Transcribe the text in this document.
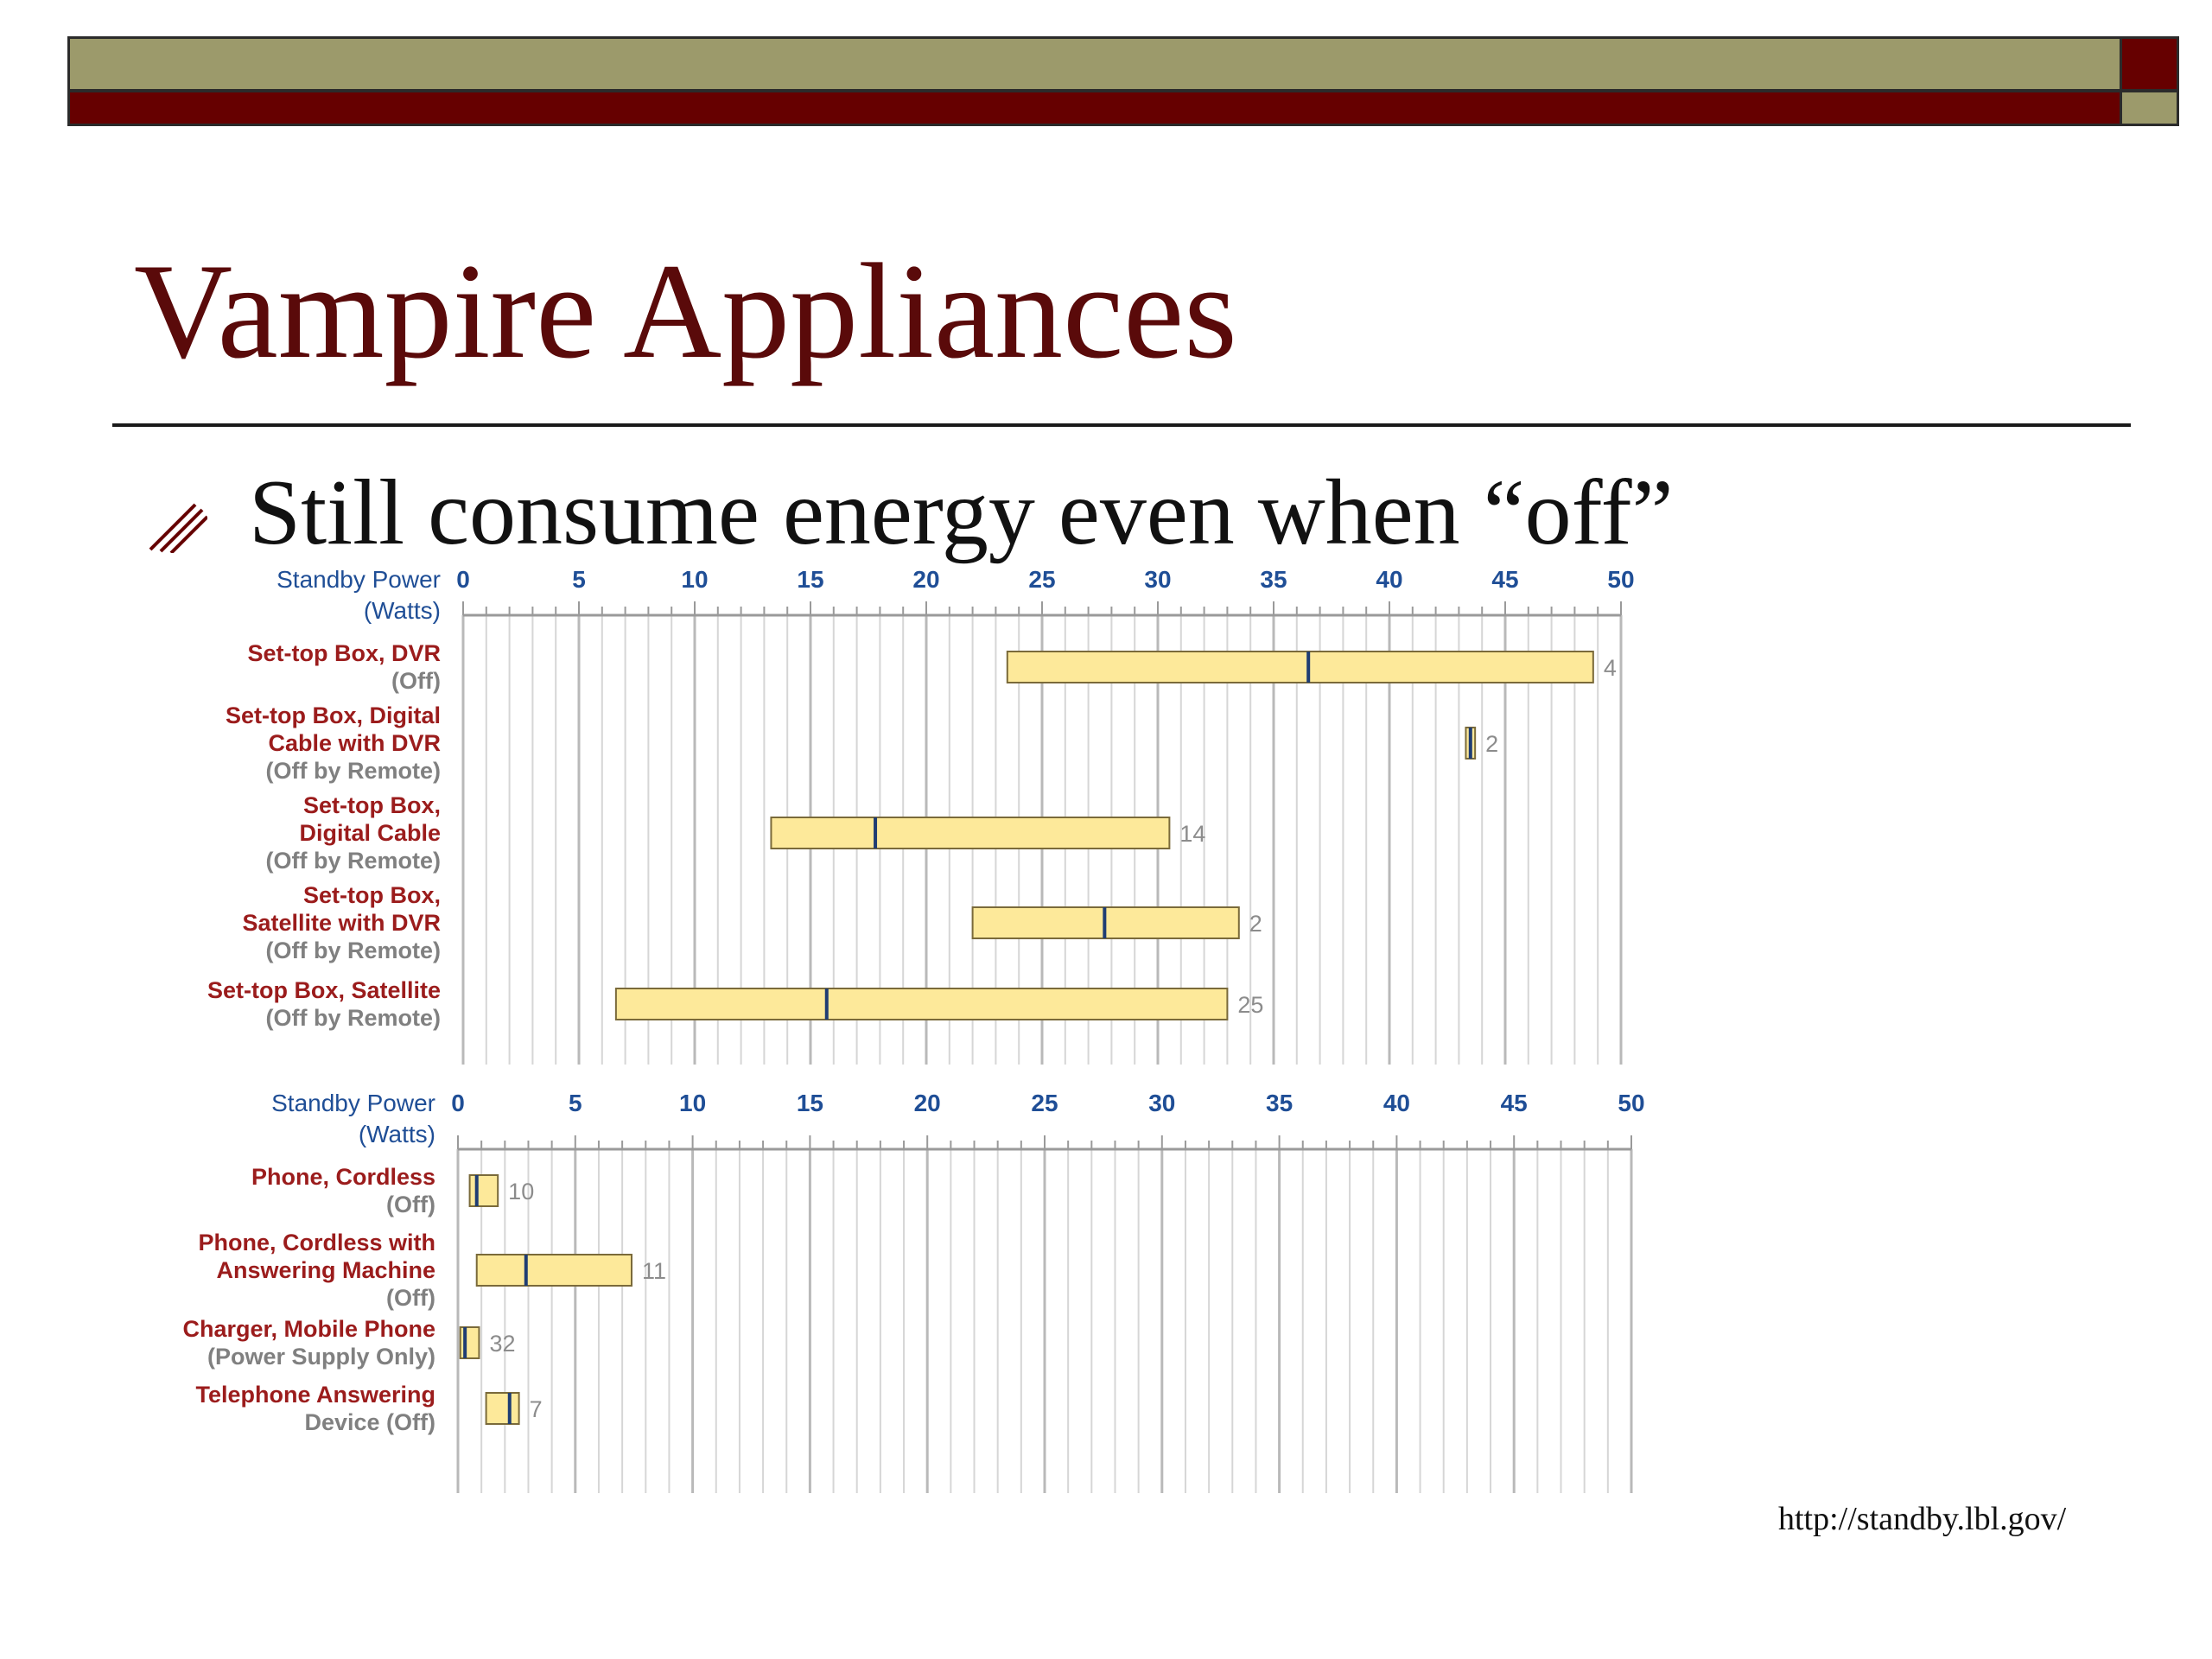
Vampire Appliances
Still consume energy even when “off”
Standby Power
(Watts)
0	5	10	15	20	25	30	35	40	45	50
Set-top Box, DVR
(Off)	4
Set-top Box, Digital
Cable with DVR
(Off by Remote)
2
Set-top Box,
Digital Cable
(Off by Remote)
14
Set-top Box,
Satellite with DVR
(Off by Remote)
2
Set-top Box, Satellite
(Off by Remote)	25
Standby Power
(Watts)
0	5	10	15	20	25	30	35	40	45	50
Phone, Cordless
(Off)	10
Phone, Cordless with
Answering Machine
(Off)
11
Charger, Mobile Phone
(Power Supply Only) 32
Telephone Answering
Device (Off)	7
http://standby.lbl.gov/
